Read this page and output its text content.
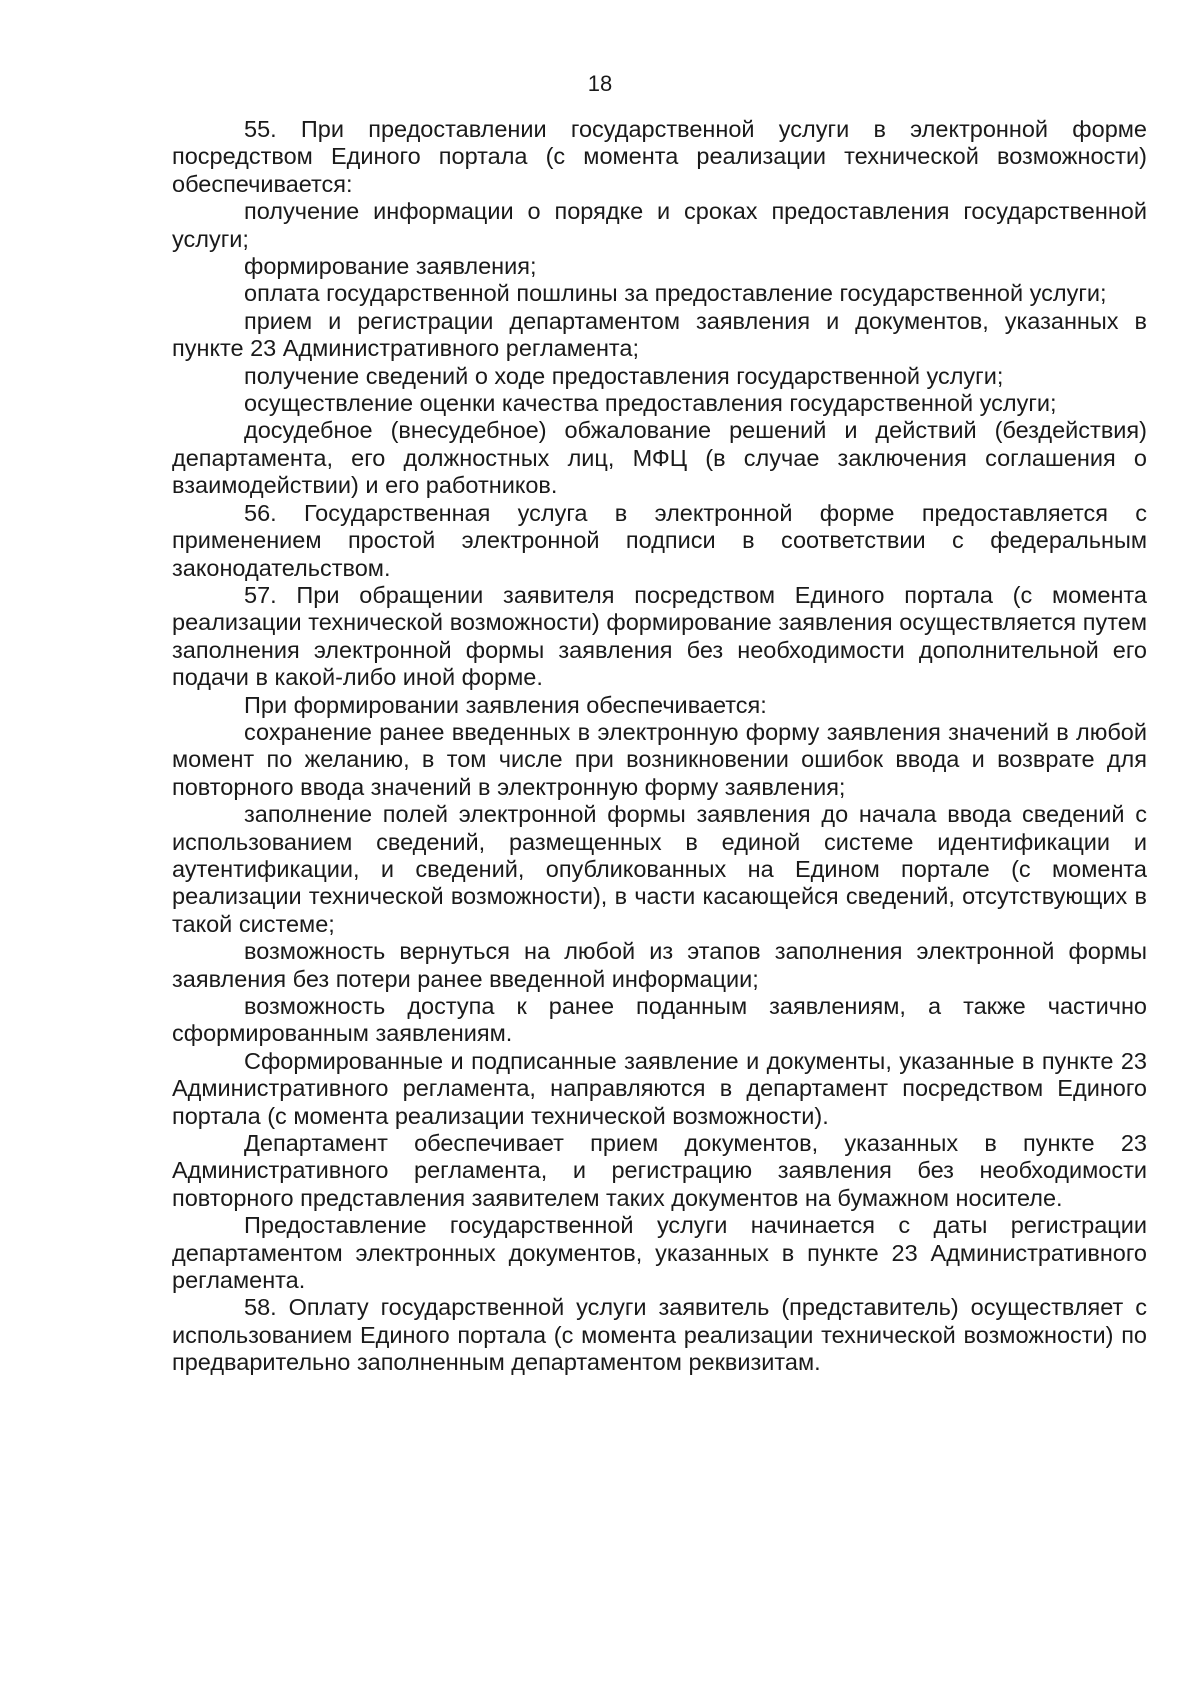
18

55. При предоставлении государственной услуги в электронной форме посредством Единого портала (с момента реализации технической возможности) обеспечивается:

получение информации о порядке и сроках предоставления государственной услуги;

формирование заявления;

оплата государственной пошлины за предоставление государственной услуги;

прием и регистрации департаментом заявления и документов, указанных в пункте 23 Административного регламента;

получение сведений о ходе предоставления государственной услуги;

осуществление оценки качества предоставления государственной услуги;

досудебное (внесудебное) обжалование решений и действий (бездействия) департамента, его должностных лиц, МФЦ (в случае заключения соглашения о взаимодействии) и его работников.

56. Государственная услуга в электронной форме предоставляется с применением простой электронной подписи в соответствии с федеральным законодательством.

57. При обращении заявителя посредством Единого портала (с момента реализации технической возможности) формирование заявления осуществляется путем заполнения электронной формы заявления без необходимости дополнительной его подачи в какой-либо иной форме.

При формировании заявления обеспечивается:

сохранение ранее введенных в электронную форму заявления значений в любой момент по желанию, в том числе при возникновении ошибок ввода и возврате для повторного ввода значений в электронную форму заявления;

заполнение полей электронной формы заявления до начала ввода сведений с использованием сведений, размещенных в единой системе идентификации и аутентификации, и сведений, опубликованных на Едином портале (с момента реализации технической возможности), в части касающейся сведений, отсутствующих в такой системе;

возможность вернуться на любой из этапов заполнения электронной формы заявления без потери ранее введенной информации;

возможность доступа к ранее поданным заявлениям, а также частично сформированным заявлениям.

Сформированные и подписанные заявление и документы, указанные в пункте 23 Административного регламента, направляются в департамент посредством Единого портала (с момента реализации технической возможности).

Департамент обеспечивает прием документов, указанных в пункте 23 Административного регламента, и регистрацию заявления без необходимости повторного представления заявителем таких документов на бумажном носителе.

Предоставление государственной услуги начинается с даты регистрации департаментом электронных документов, указанных в пункте 23 Административного регламента.

58. Оплату государственной услуги заявитель (представитель) осуществляет с использованием Единого портала (с момента реализации технической возможности) по предварительно заполненным департаментом реквизитам.
